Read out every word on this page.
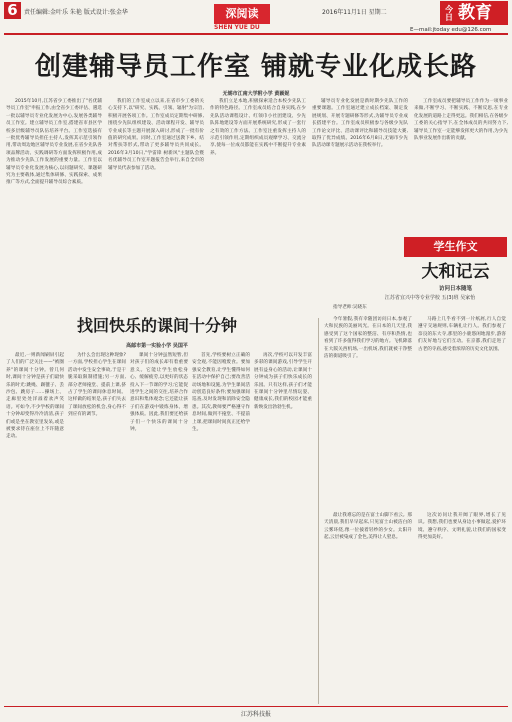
6	责任编辑:金叶乐 朱艳 版式设计:张金华	深阅读
SHEN YUE DU
2016年11月1日 星期二	今日 教育
E—mail:jtoday edu@126.com
创建辅导员工作室 铺就专业化成长路
无锡市江南大学附小学 黄颖妮

2015年10月,江苏省少工委推出了"名优辅导员工作室"申报工作,由全省少工委评估、遴选一批以辅导员专业化发展为中心,发展各类辅导员工作室。建立辅导员工作室,搭建省市县区学校多层级辅导员队伍培养平台。工作室选拔有一批优秀辅导员担任主持人,发挥其示范引领作用,带动周边地区辅导员专业发展,在省少先队各项品牌活动、实践调研等方面发挥积极作用,成为推动少先队工作发展的重要力量。工作室以辅导员专业化发展为核心,以问题研究、课题研究为主要载体,通过集体研修、实践探索、成果推广等方式,全面提升辅导员综合素质。

我们的工作室成立以来,在省市少工委的关心支持下,以"研究、实践、引领、辐射"为宗旨,积极开展各项工作。工作室成员定期集中研修,围绕少先队组织建设、活动课程开发、辅导员专业成长等主题开展深入研讨,形成了一批有价值的研究成果。同时,工作室通过送教下乡、结对帮扶等形式,带动了更多辅导员共同成长。2016年3月10日,"学雷锋 树新风"主题队会暨名优辅导员工作室开题报告会举行,来自全市的辅导员代表参加了活动。

我们立足本地,积极探索适合本校少先队工作的特色路径。工作室成员结合自身实践,在少先队活动课程设计、红领巾小社团建设、少先队阵地建设等方面开展系统研究,形成了一套行之有效的工作方法。工作室注重发挥主持人的示范引领作用,定期组织成员观摩学习、交流分享,使每一位成员都能在实践中不断提升专业素养。

辅导员专业化发展是新时期少先队工作的重要课题。工作室通过建立成长档案、制定发展规划、开展专题研修等形式,为辅导员专业成长搭建平台。工作室成员积极参与各级少先队工作论文评比、活动课评比和辅导员技能大赛,取得了优异成绩。2016年6月8日,无锡市少先队活动课专题展示活动在我校举行。

工作室成员要把辅导员工作作为一项事业来做,不断学习、不断实践、不断反思,在专业化发展的道路上走得更远。我们相信,在各级少工委的关心指导下,在全体成员的共同努力下,辅导员工作室一定能够发挥更大的作用,为少先队事业发展作出新的贡献。

找回快乐的课间十分钟
高邮市第一实验小学 吴国平

最近,一则新闻刷屏引起了人们的广泛关注——"被圈养"的课间十分钟。曾几何时,课间十分钟是孩子们最快乐的时光:跳绳、踢毽子、丢沙包、跳房子……操场上、走廊里处处洋溢着欢声笑语。可如今,不少学校的课间十分钟却变得冷冷清清,孩子们或是坐在教室里发呆,或是被要求待在座位上不许随意走动。

为什么会出现这种现象?一方面,学校担心学生在课间活动中发生安全事故,于是干脆采取限制措施;另一方面,部分老师拖堂、提前上课,挤占了学生的课间休息时间。这样做的结果是,孩子们失去了课间放松的机会,身心得不到应有的调节。

课间十分钟虽然短暂,但对孩子们的成长却有着重要意义。它能让学生放松身心、缓解疲劳,以更好的状态投入下一节课的学习;它能促进学生之间的交往,培养合作意识和集体观念;它还能让孩子们在游戏中锻炼身体、增强体质。因此,我们要还给孩子们一个快乐的课间十分钟。

首先,学校要树立正确的安全观,不能因噎废食。要加强安全教育,让学生懂得如何在活动中保护自己;要改善活动场地和设施,为学生课间活动创造良好条件;要加强课间巡查,及时发现和消除安全隐患。其次,教师要严格遵守作息时间,做到不拖堂、不提前上课,把课间时间真正还给学生。

再次,学校可以开发丰富多彩的课间游戏,引导学生开展有益身心的活动,让课间十分钟成为孩子们快乐成长的乐园。只有这样,孩子们才能在课间十分钟里尽情玩耍、健康成长,我们的校园才能重新焕发出勃勃生机。

学生作文
大和记云
访问日本随笔
江苏省宜兴中等专业学校 五(3)班 吴家怡

指导老师:吴晓东

今年暑假,我有幸随团访问日本,参观了大和民族的美丽风光。在日本的几天里,我感受到了这个国家的整洁、有序和热情,也看到了许多值得我们学习的地方。飞机降落在大阪关西机场,一出机场,我们就被干净整洁的街道吸引了。

马路上几乎看不到一片纸屑,行人自觉遵守交通规则,车辆礼让行人。我们参观了奈良的东大寺,那里的小鹿悠闲地漫步,游客们友好地与它们互动。在京都,我们走进了古老的寺庙,感受着浓厚的历史文化氛围。

最让我难忘的是在富士山脚下看云。那天清晨,我们早早起床,只见富士山被洁白的云雾环绕,像一位披着轻纱的少女。太阳升起,云层被染成了金色,美得让人窒息。

这次访问让我开阔了眼界,增长了见识。我想,我们也要从身边小事做起,爱护环境、遵守秩序、文明礼貌,让我们的国家变得更加美好。

江苏科技报
